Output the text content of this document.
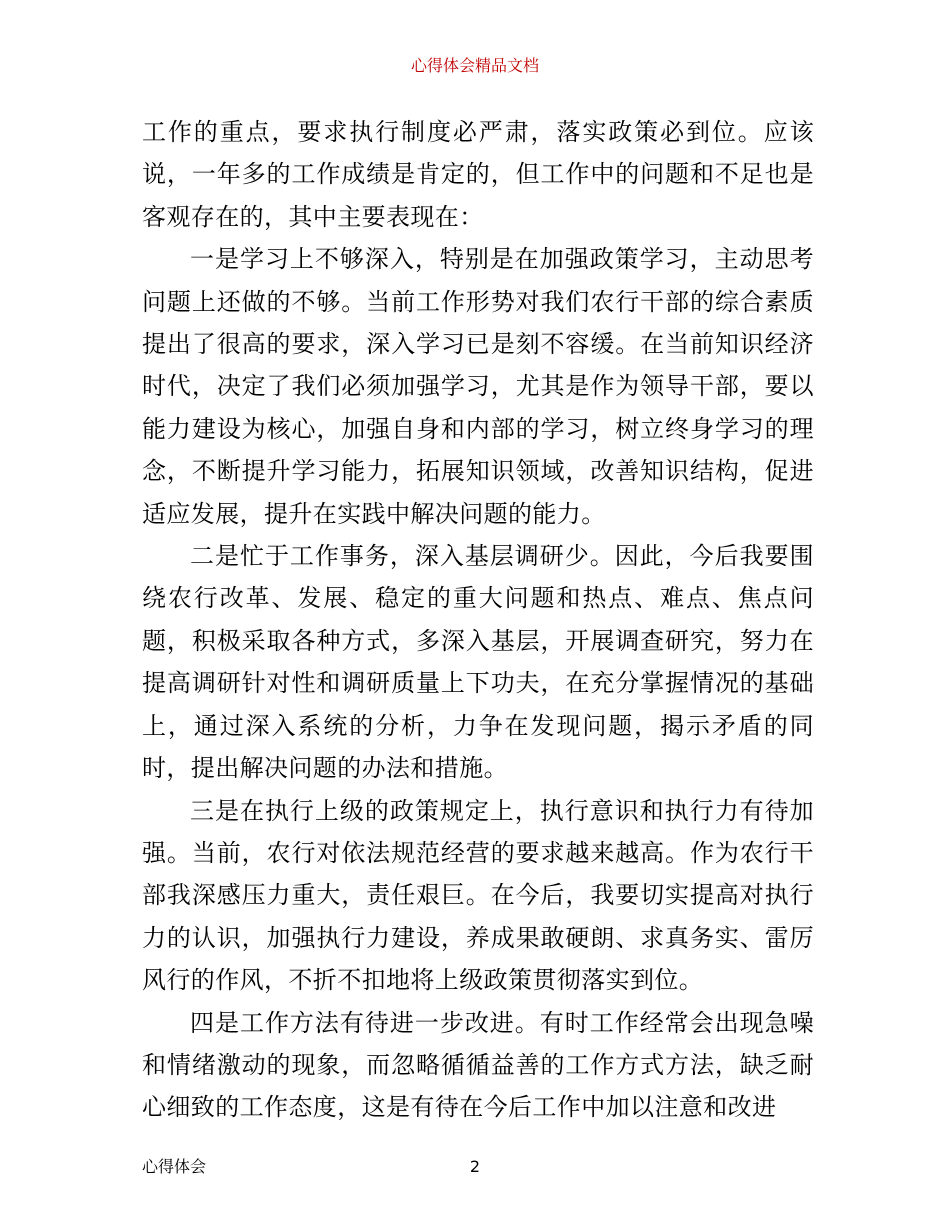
心得体会精品文档

工作的重点，要求执行制度必严肃，落实政策必到位。应该说，一年多的工作成绩是肯定的，但工作中的问题和不足也是客观存在的，其中主要表现在：

一是学习上不够深入，特别是在加强政策学习，主动思考问题上还做的不够。当前工作形势对我们农行干部的综合素质提出了很高的要求，深入学习已是刻不容缓。在当前知识经济时代，决定了我们必须加强学习，尤其是作为领导干部，要以能力建设为核心，加强自身和内部的学习，树立终身学习的理念，不断提升学习能力，拓展知识领域，改善知识结构，促进适应发展，提升在实践中解决问题的能力。

二是忙于工作事务，深入基层调研少。因此，今后我要围绕农行改革、发展、稳定的重大问题和热点、难点、焦点问题，积极采取各种方式，多深入基层，开展调查研究，努力在提高调研针对性和调研质量上下功夫，在充分掌握情况的基础上，通过深入系统的分析，力争在发现问题，揭示矛盾的同时，提出解决问题的办法和措施。

三是在执行上级的政策规定上，执行意识和执行力有待加强。当前，农行对依法规范经营的要求越来越高。作为农行干部我深感压力重大，责任艰巨。在今后，我要切实提高对执行力的认识，加强执行力建设，养成果敢硬朗、求真务实、雷厉风行的作风，不折不扣地将上级政策贯彻落实到位。

四是工作方法有待进一步改进。有时工作经常会出现急噪和情绪激动的现象，而忽略循循益善的工作方式方法，缺乏耐心细致的工作态度，这是有待在今后工作中加以注意和改进

心得体会	2
